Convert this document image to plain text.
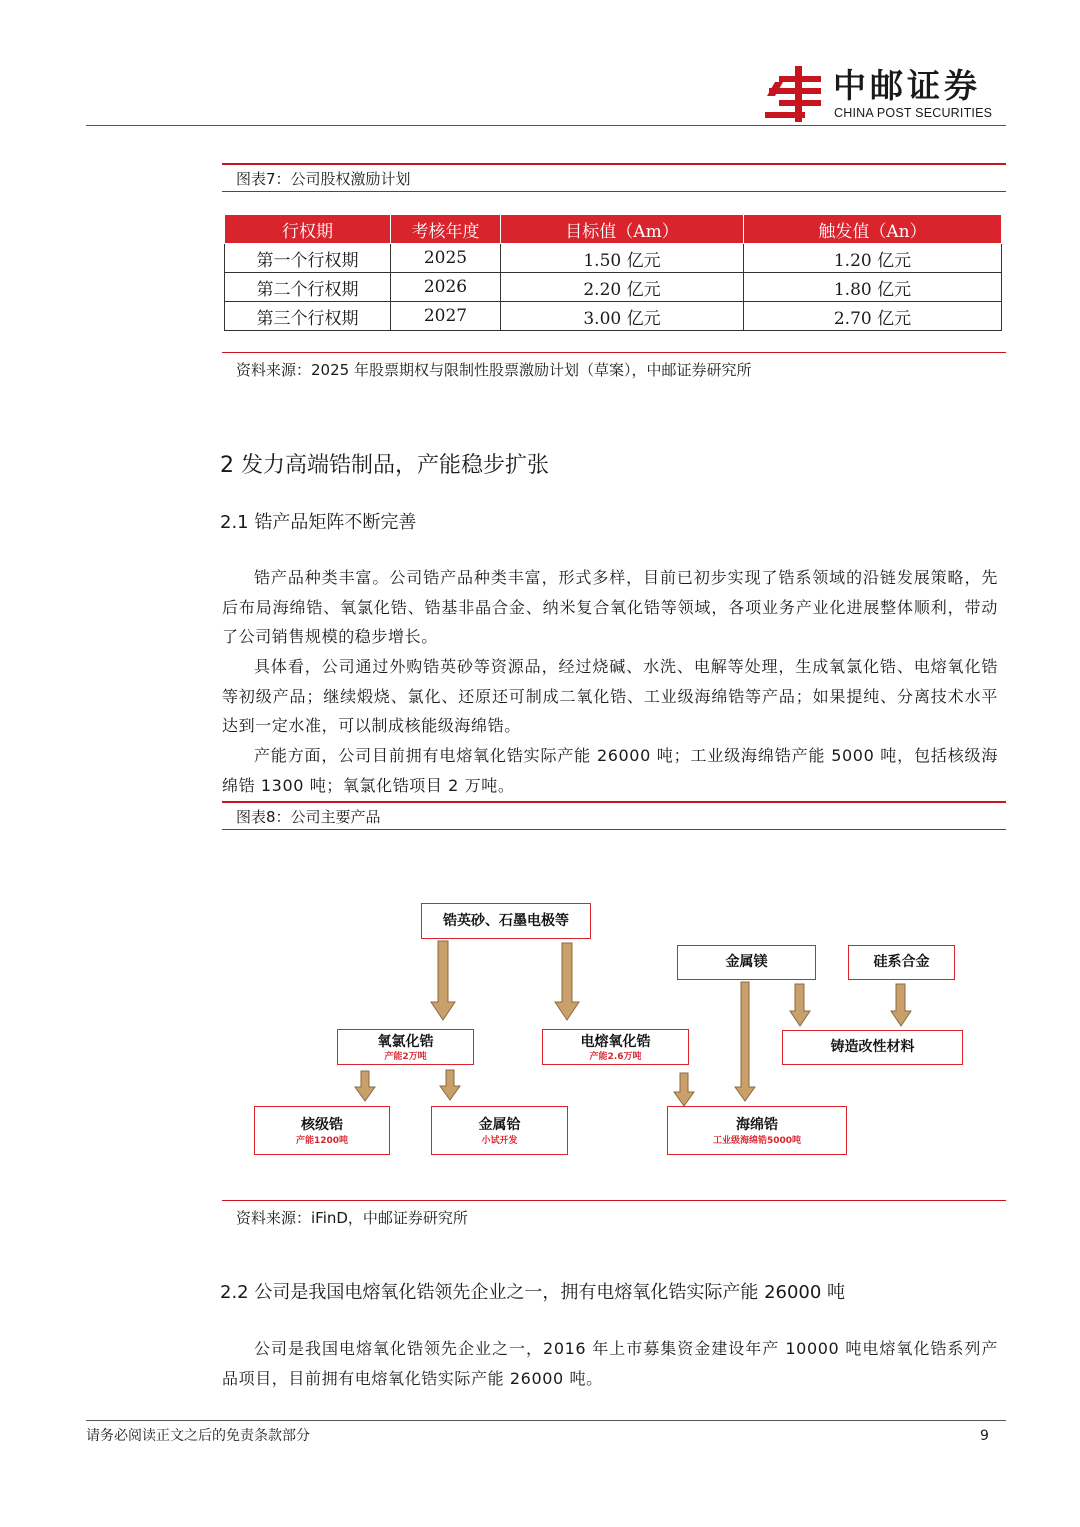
中邮证券
CHINA POST SECURITIES
图表7：公司股权激励计划
行权期	考核年度	目标值（Am）	触发值（An）
第一个行权期	2025	1.50 亿元	1.20 亿元
第二个行权期	2026	2.20 亿元	1.80 亿元
第三个行权期	2027	3.00 亿元	2.70 亿元
资料来源：2025 年股票期权与限制性股票激励计划（草案），中邮证券研究所
2 发力高端锆制品，产能稳步扩张
2.1 锆产品矩阵不断完善
锆产品种类丰富。公司锆产品种类丰富，形式多样，目前已初步实现了锆系领域的沿链发展策略，先后布局海绵锆、氧氯化锆、锆基非晶合金、纳米复合氧化锆等领域，各项业务产业化进展整体顺利，带动了公司销售规模的稳步增长。
具体看，公司通过外购锆英砂等资源品，经过烧碱、水洗、电解等处理，生成氧氯化锆、电熔氧化锆等初级产品；继续煅烧、氯化、还原还可制成二氧化锆、工业级海绵锆等产品；如果提纯、分离技术水平达到一定水准，可以制成核能级海绵锆。
产能方面，公司目前拥有电熔氧化锆实际产能 26000 吨；工业级海绵锆产能 5000 吨，包括核级海绵锆 1300 吨；氧氯化锆项目 2 万吨。
图表8：公司主要产品
锆英砂、石墨电极等
金属镁	硅系合金
氧氯化锆
产能2万吨
电熔氧化锆
产能2.6万吨
铸造改性材料
核级锆
产能1200吨
金属铪
小试开发
海绵锆
工业级海绵锆5000吨
资料来源：iFinD，中邮证券研究所
2.2 公司是我国电熔氧化锆领先企业之一，拥有电熔氧化锆实际产能 26000 吨
公司是我国电熔氧化锆领先企业之一，2016 年上市募集资金建设年产 10000 吨电熔氧化锆系列产品项目，目前拥有电熔氧化锆实际产能 26000 吨。
请务必阅读正文之后的免责条款部分	9
